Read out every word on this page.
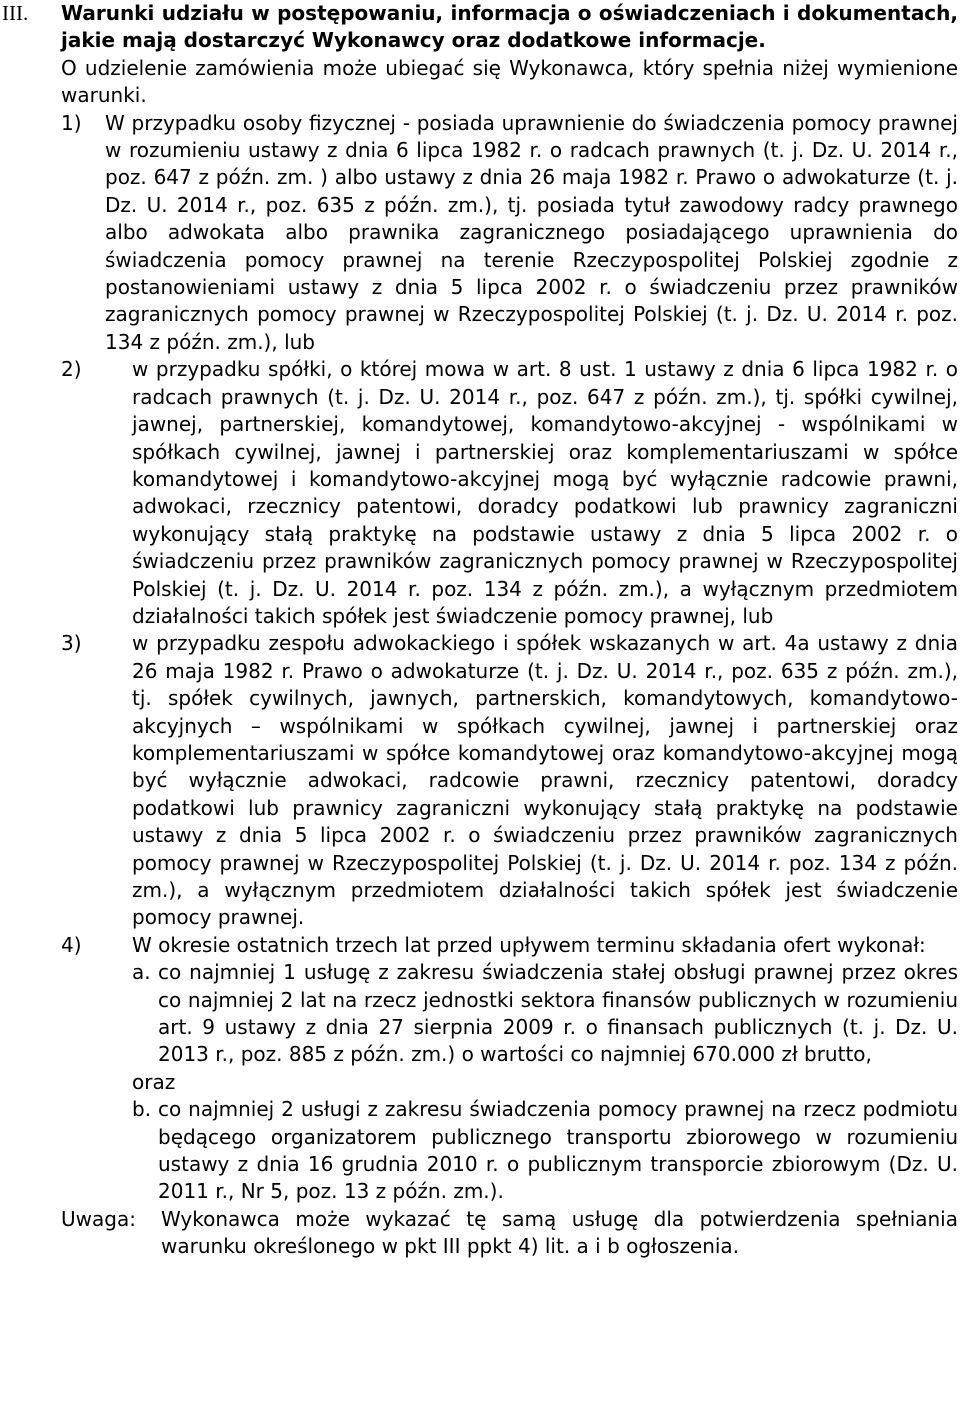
III.	Warunki udziału w postępowaniu, informacja o oświadczeniach i dokumentach, jakie mają dostarczyć Wykonawcy oraz dodatkowe informacje.

O udzielenie zamówienia może ubiegać się Wykonawca, który spełnia niżej wymienione warunki.

1)	W przypadku osoby fizycznej - posiada uprawnienie do świadczenia pomocy prawnej w rozumieniu ustawy z dnia 6 lipca 1982 r. o radcach prawnych (t. j. Dz. U. 2014 r., poz. 647 z późn. zm. ) albo ustawy z dnia 26 maja 1982 r. Prawo o adwokaturze (t. j. Dz. U. 2014 r., poz. 635 z późn. zm.), tj. posiada tytuł zawodowy radcy prawnego albo adwokata albo prawnika zagranicznego posiadającego uprawnienia do świadczenia pomocy prawnej na terenie Rzeczypospolitej Polskiej zgodnie z postanowieniami ustawy z dnia 5 lipca 2002 r. o świadczeniu przez prawników zagranicznych pomocy prawnej w Rzeczypospolitej Polskiej (t. j. Dz. U. 2014 r. poz. 134 z późn. zm.), lub

2)	w przypadku spółki, o której mowa w art. 8 ust. 1 ustawy z dnia 6 lipca 1982 r. o radcach prawnych (t. j. Dz. U. 2014 r., poz. 647 z późn. zm.), tj. spółki cywilnej, jawnej, partnerskiej, komandytowej, komandytowo-akcyjnej - wspólnikami w spółkach cywilnej, jawnej i partnerskiej oraz komplementariuszami w spółce komandytowej i komandytowo-akcyjnej mogą być wyłącznie radcowie prawni, adwokaci, rzecznicy patentowi, doradcy podatkowi lub prawnicy zagraniczni wykonujący stałą praktykę na podstawie ustawy z dnia 5 lipca 2002 r. o świadczeniu przez prawników zagranicznych pomocy prawnej w Rzeczypospolitej Polskiej (t. j. Dz. U. 2014 r. poz. 134 z późn. zm.), a wyłącznym przedmiotem działalności takich spółek jest świadczenie pomocy prawnej, lub

3)	w przypadku zespołu adwokackiego i spółek wskazanych w art. 4a ustawy z dnia 26 maja 1982 r. Prawo o adwokaturze (t. j. Dz. U. 2014 r., poz. 635 z późn. zm.), tj. spółek cywilnych, jawnych, partnerskich, komandytowych, komandytowo-akcyjnych – wspólnikami w spółkach cywilnej, jawnej i partnerskiej oraz komplementariuszami w spółce komandytowej oraz komandytowo-akcyjnej mogą być wyłącznie adwokaci, radcowie prawni, rzecznicy patentowi, doradcy podatkowi lub prawnicy zagraniczni wykonujący stałą praktykę na podstawie ustawy z dnia 5 lipca 2002 r. o świadczeniu przez prawników zagranicznych pomocy prawnej w Rzeczypospolitej Polskiej (t. j. Dz. U. 2014 r. poz. 134 z późn. zm.), a wyłącznym przedmiotem działalności takich spółek jest świadczenie pomocy prawnej.

4)	W okresie ostatnich trzech lat przed upływem terminu składania ofert wykonał:

a. co najmniej 1 usługę z zakresu świadczenia stałej obsługi prawnej przez okres co najmniej 2 lat na rzecz jednostki sektora finansów publicznych w rozumieniu art. 9 ustawy z dnia 27 sierpnia 2009 r. o finansach publicznych (t. j. Dz. U. 2013 r., poz. 885 z późn. zm.) o wartości co najmniej 670.000 zł brutto,

oraz
b. co najmniej 2 usługi z zakresu świadczenia pomocy prawnej na rzecz podmiotu będącego organizatorem publicznego transportu zbiorowego w rozumieniu ustawy z dnia 16 grudnia 2010 r. o publicznym transporcie zbiorowym (Dz. U. 2011 r., Nr 5, poz. 13 z późn. zm.).

Uwaga:	Wykonawca może wykazać tę samą usługę dla potwierdzenia spełniania warunku określonego w pkt III ppkt 4) lit. a i b ogłoszenia.
